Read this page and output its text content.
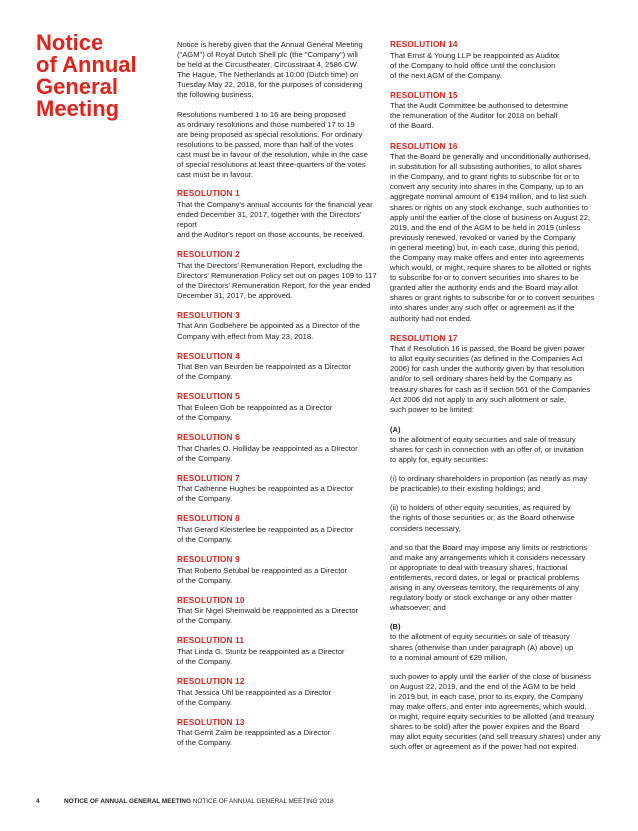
Notice
of Annual
General
Meeting

Notice is hereby given that the Annual General Meeting
("AGM") of Royal Dutch Shell plc (the "Company") will
be held at the Circustheater, Circusstraat 4, 2586 CW
The Hague, The Netherlands at 10:00 (Dutch time) on
Tuesday May 22, 2018, for the purposes of considering
the following business.

Resolutions numbered 1 to 16 are being proposed
as ordinary resolutions and those numbered 17 to 19
are being proposed as special resolutions. For ordinary
resolutions to be passed, more than half of the votes
cast must be in favour of the resolution, while in the case
of special resolutions at least three-quarters of the votes
cast must be in favour.

RESOLUTION 1
That the Company's annual accounts for the financial year
ended December 31, 2017, together with the Directors' report
and the Auditor's report on those accounts, be received.
RESOLUTION 2
That the Directors' Remuneration Report, excluding the
Directors' Remuneration Policy set out on pages 109 to 117
of the Directors' Remuneration Report, for the year ended
December 31, 2017, be approved.
RESOLUTION 3
That Ann Godbehere be appointed as a Director of the
Company with effect from May 23, 2018.
RESOLUTION 4
That Ben van Beurden be reappointed as a Director
of the Company.
RESOLUTION 5
That Euleen Goh be reappointed as a Director
of the Company.
RESOLUTION 6
That Charles O. Holliday be reappointed as a Director
of the Company.
RESOLUTION 7
That Catherine Hughes be reappointed as a Director
of the Company.
RESOLUTION 8
That Gerard Kleisterlee be reappointed as a Director
of the Company.
RESOLUTION 9
That Roberto Setubal be reappointed as a Director
of the Company.
RESOLUTION 10
That Sir Nigel Sheinwald be reappointed as a Director
of the Company.
RESOLUTION 11
That Linda G. Stuntz be reappointed as a Director
of the Company.
RESOLUTION 12
That Jessica Uhl be reappointed as a Director
of the Company.
RESOLUTION 13
That Gerrit Zalm be reappointed as a Director
of the Company.
RESOLUTION 14
That Ernst & Young LLP be reappointed as Auditor
of the Company to hold office until the conclusion
of the next AGM of the Company.
RESOLUTION 15
That the Audit Committee be authorised to determine
the remuneration of the Auditor for 2018 on behalf
of the Board.
RESOLUTION 16
That the Board be generally and unconditionally authorised,
in substitution for all subsisting authorities, to allot shares
in the Company, and to grant rights to subscribe for or to
convert any security into shares in the Company, up to an
aggregate nominal amount of €194 million, and to list such
shares or rights on any stock exchange, such authorities to
apply until the earlier of the close of business on August 22,
2019, and the end of the AGM to be held in 2019 (unless
previously renewed, revoked or varied by the Company
in general meeting) but, in each case, during this period,
the Company may make offers and enter into agreements
which would, or might, require shares to be allotted or rights
to subscribe for or to convert securities into shares to be
granted after the authority ends and the Board may allot
shares or grant rights to subscribe for or to convert securities
into shares under any such offer or agreement as if the
authority had not ended.
RESOLUTION 17
That if Resolution 16 is passed, the Board be given power
to allot equity securities (as defined in the Companies Act
2006) for cash under the authority given by that resolution
and/or to sell ordinary shares held by the Company as
treasury shares for cash as if section 561 of the Companies
Act 2006 did not apply to any such allotment or sale,
such power to be limited:
(A)
to the allotment of equity securities and sale of treasury
shares for cash in connection with an offer of, or invitation
to apply for, equity securities:
(i) to ordinary shareholders in proportion (as nearly as may
be practicable) to their existing holdings; and
(ii) to holders of other equity securities, as required by
the rights of those securities or, as the Board otherwise
considers necessary,
and so that the Board may impose any limits or restrictions
and make any arrangements which it considers necessary
or appropriate to deal with treasury shares, fractional
entitlements, record dates, or legal or practical problems
arising in any overseas territory, the requirements of any
regulatory body or stock exchange or any other matter
whatsoever; and
(B)
to the allotment of equity securities or sale of treasury
shares (otherwise than under paragraph (A) above) up
to a nominal amount of €29 million,
such power to apply until the earlier of the close of business
on August 22, 2019, and the end of the AGM to be held
in 2019 but, in each case, prior to its expiry, the Company
may make offers, and enter into agreements, which would,
or might, require equity securities to be allotted (and treasury
shares to be sold) after the power expires and the Board
may allot equity securities (and sell treasury shares) under any
such offer or agreement as if the power had not expired.
4	NOTICE OF ANNUAL GENERAL MEETING NOTICE OF ANNUAL GENERAL MEETING 2018
